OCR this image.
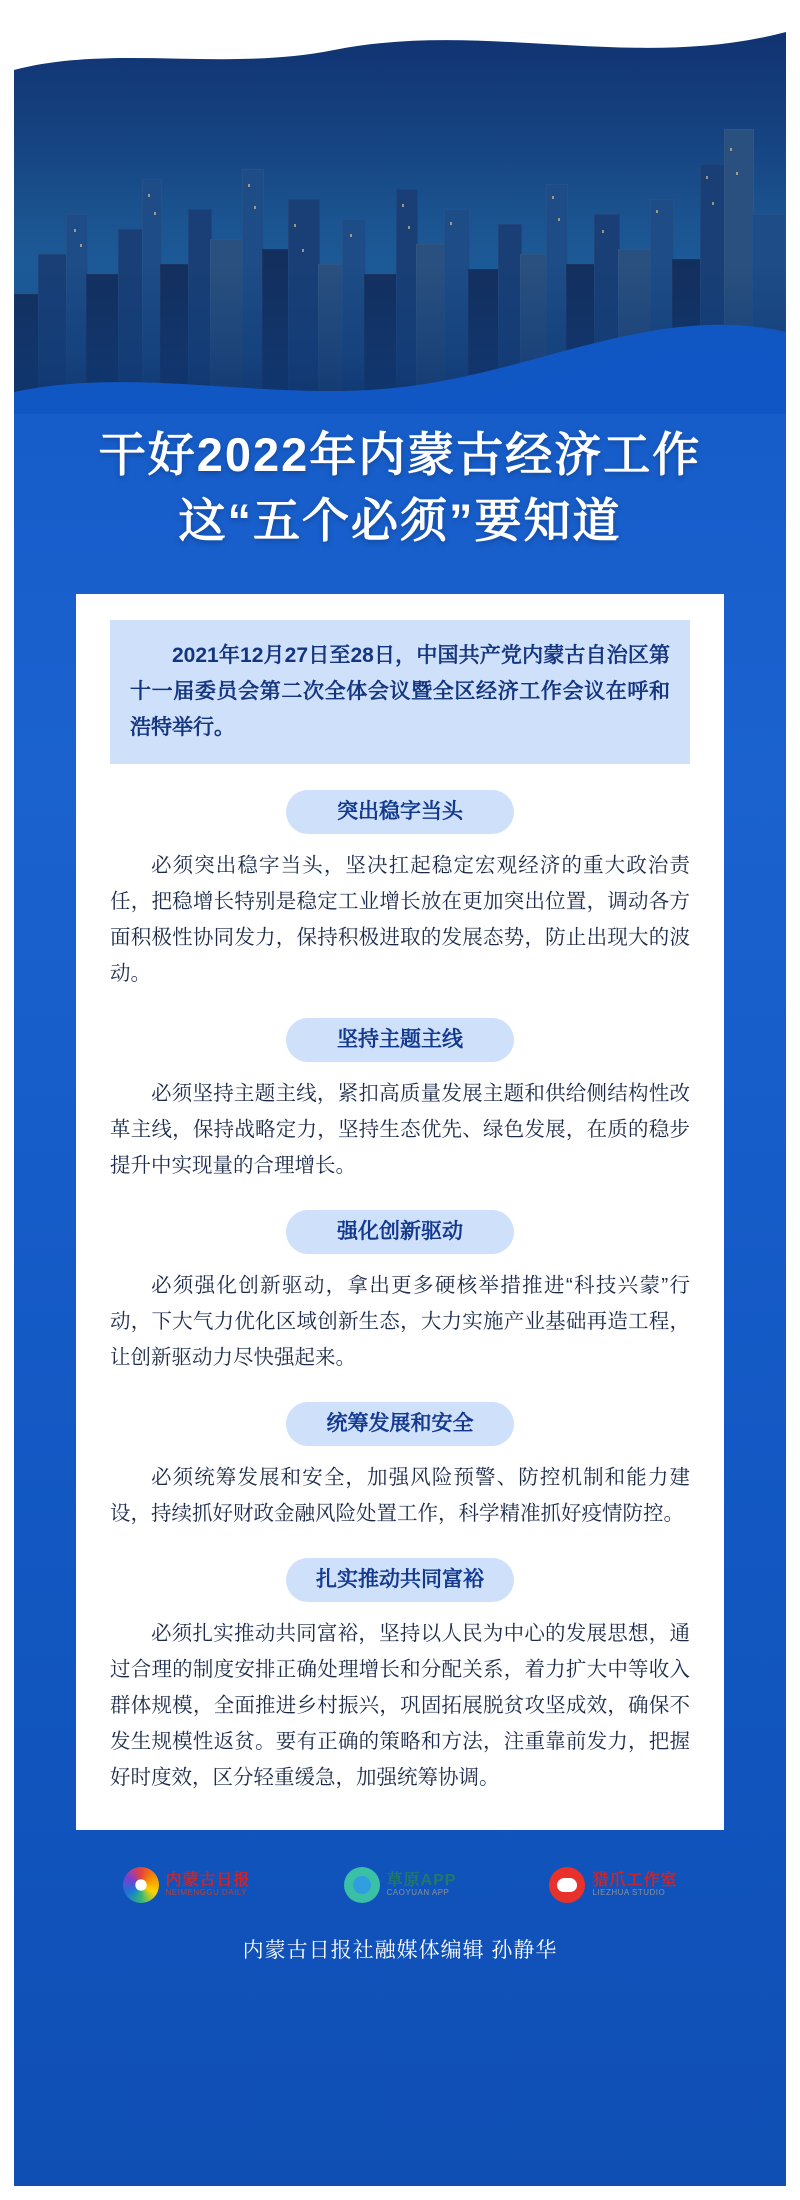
干好2022年内蒙古经济工作
这“五个必须”要知道
2021年12月27日至28日，中国共产党内蒙古自治区第十一届委员会第二次全体会议暨全区经济工作会议在呼和浩特举行。
突出稳字当头

必须突出稳字当头，坚决扛起稳定宏观经济的重大政治责任，把稳增长特别是稳定工业增长放在更加突出位置，调动各方面积极性协同发力，保持积极进取的发展态势，防止出现大的波动。

坚持主题主线

必须坚持主题主线，紧扣高质量发展主题和供给侧结构性改革主线，保持战略定力，坚持生态优先、绿色发展，在质的稳步提升中实现量的合理增长。

强化创新驱动

必须强化创新驱动，拿出更多硬核举措推进“科技兴蒙”行动，下大气力优化区域创新生态，大力实施产业基础再造工程，让创新驱动力尽快强起来。

统筹发展和安全

必须统筹发展和安全，加强风险预警、防控机制和能力建设，持续抓好财政金融风险处置工作，科学精准抓好疫情防控。

扎实推动共同富裕

必须扎实推动共同富裕，坚持以人民为中心的发展思想，通过合理的制度安排正确处理增长和分配关系，着力扩大中等收入群体规模，全面推进乡村振兴，巩固拓展脱贫攻坚成效，确保不发生规模性返贫。要有正确的策略和方法，注重靠前发力，把握好时度效，区分轻重缓急，加强统筹协调。

内蒙古日报
NEIMENGGU DAILY
草原APP
CAOYUAN APP
猎爪工作室
LIEZHUA STUDIO
内蒙古日报社融媒体编辑 孙静华
